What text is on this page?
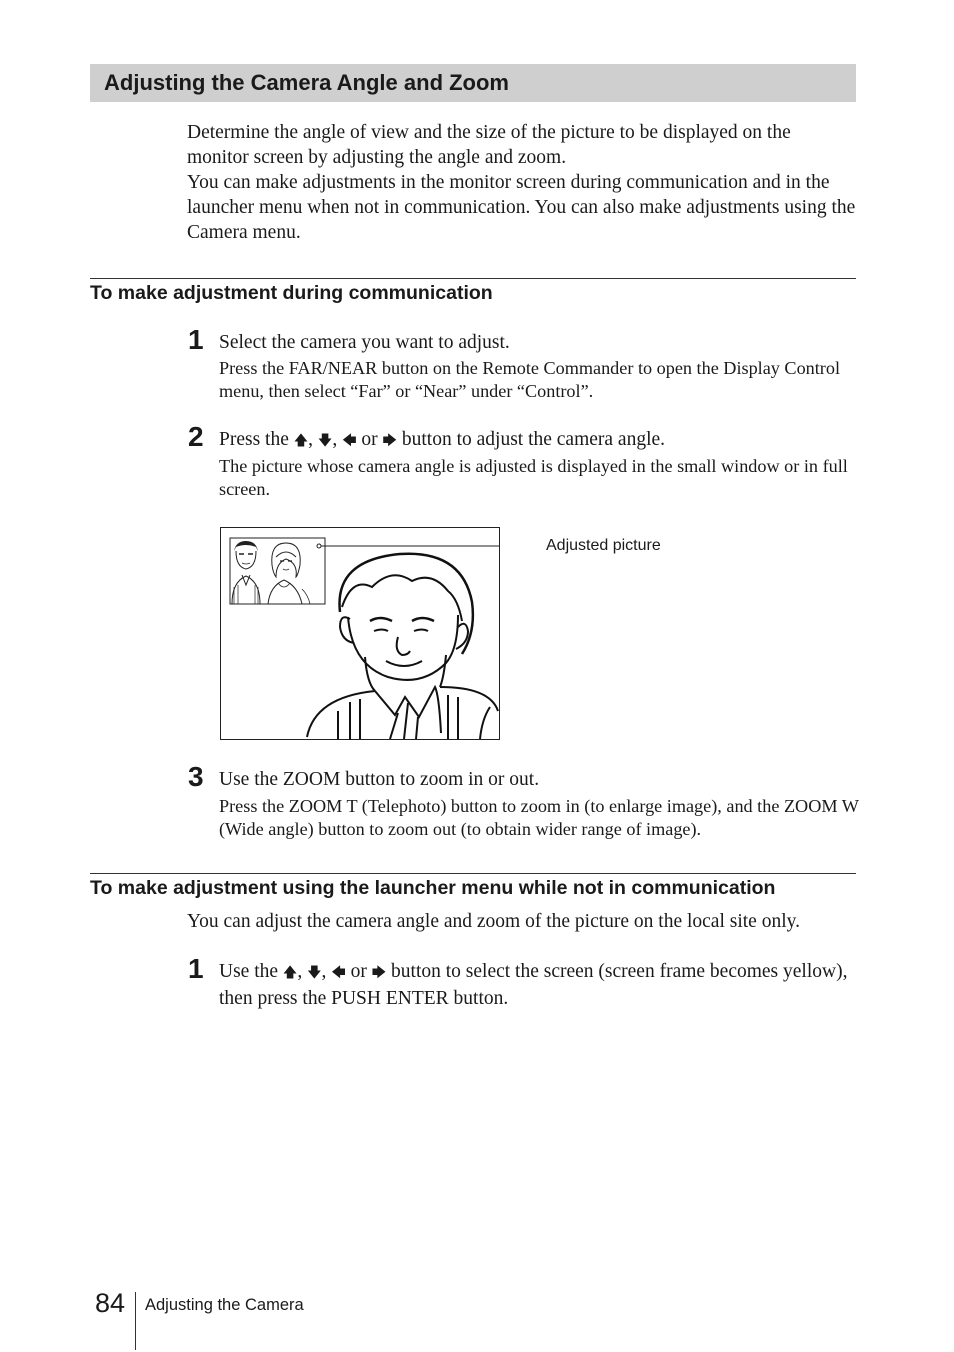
Adjusting the Camera Angle and Zoom
Determine the angle of view and the size of the picture to be displayed on the monitor screen by adjusting the angle and zoom.
You can make adjustments in the monitor screen during communication and in the launcher menu when not in communication. You can also make adjustments using the Camera menu.
To make adjustment during communication
1 Select the camera you want to adjust.
Press the FAR/NEAR button on the Remote Commander to open the Display Control menu, then select “Far” or “Near” under “Control”.
2 Press the 🡅, 🡇, 🡄 or 🡆 button to adjust the camera angle.
The picture whose camera angle is adjusted is displayed in the small window or in full screen.
Adjusted picture
3 Use the ZOOM button to zoom in or out.
Press the ZOOM T (Telephoto) button to zoom in (to enlarge image), and the ZOOM W (Wide angle) button to zoom out (to obtain wider range of image).
To make adjustment using the launcher menu while not in communication
You can adjust the camera angle and zoom of the picture on the local site only.
1 Use the 🡅, 🡇, 🡄 or 🡆 button to select the screen (screen frame becomes yellow), then press the PUSH ENTER button.
84 Adjusting the Camera
